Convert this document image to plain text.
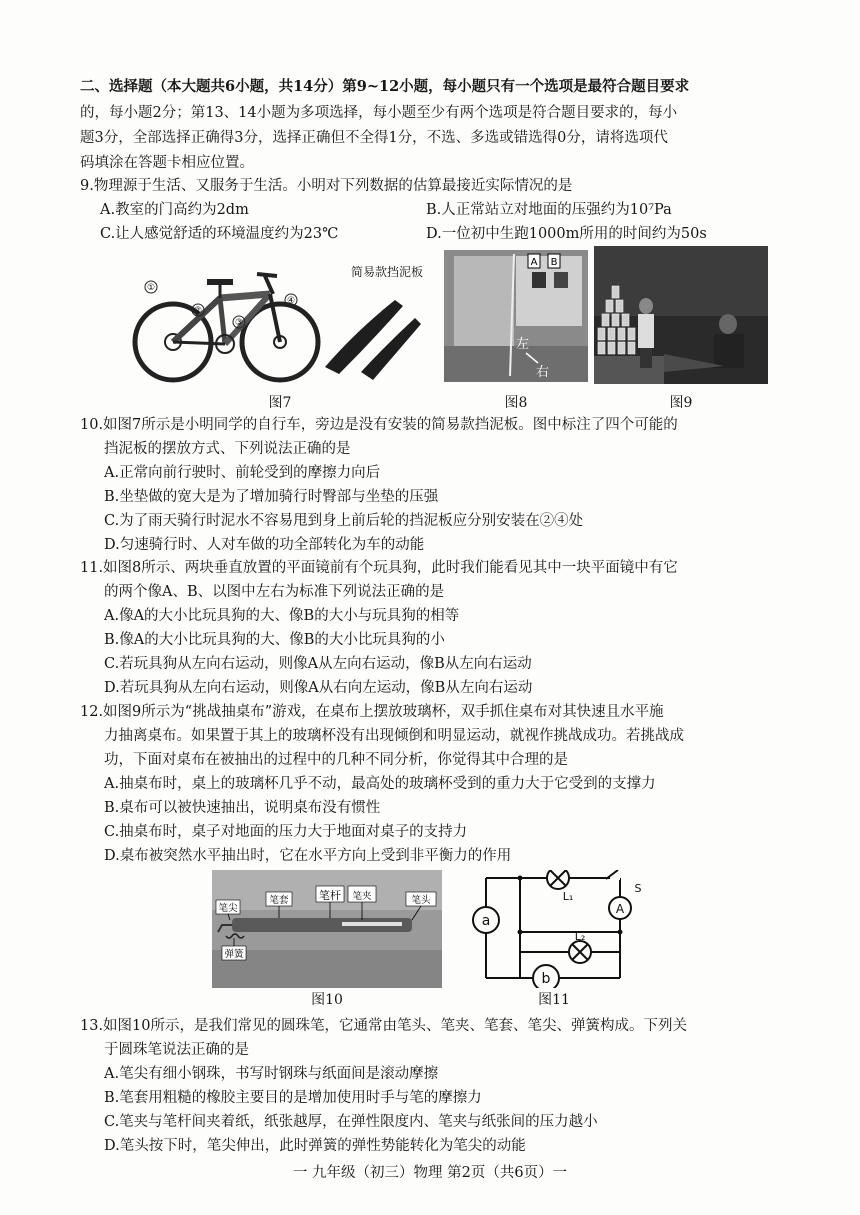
二、选择题（本大题共6小题，共14分）第9~12小题，每小题只有一个选项是最符合题目要求
的，每小题2分；第13、14小题为多项选择，每小题至少有两个选项是符合题目要求的，每小
题3分，全部选择正确得3分，选择正确但不全得1分，不选、多选或错选得0分，请将选项代
码填涂在答题卡相应位置。
9.物理源于生活、又服务于生活。小明对下列数据的估算最接近实际情况的是
A.教室的门高约为2dm	B.人正常站立对地面的压强约为10⁷Pa
C.让人感觉舒适的环境温度约为23℃	D.一位初中生跑1000m所用的时间约为50s
①
②
③
④
简易款挡泥板
图7
A B
左
右
图8	图9
10.如图7所示是小明同学的自行车，旁边是没有安装的简易款挡泥板。图中标注了四个可能的
挡泥板的摆放方式、下列说法正确的是
A.正常向前行驶时、前轮受到的摩擦力向后
B.坐垫做的宽大是为了增加骑行时臀部与坐垫的压强
C.为了雨天骑行时泥水不容易甩到身上前后轮的挡泥板应分别安装在②④处
D.匀速骑行时、人对车做的功全部转化为车的动能
11.如图8所示、两块垂直放置的平面镜前有个玩具狗，此时我们能看见其中一块平面镜中有它
的两个像A、B、以图中左右为标准下列说法正确的是
A.像A的大小比玩具狗的大、像B的大小与玩具狗的相等
B.像A的大小比玩具狗的大、像B的大小比玩具狗的小
C.若玩具狗从左向右运动，则像A从左向右运动，像B从左向右运动
D.若玩具狗从左向右运动，则像A从右向左运动，像B从左向右运动
12.如图9所示为“挑战抽桌布”游戏，在桌布上摆放玻璃杯，双手抓住桌布对其快速且水平施
力抽离桌布。如果置于其上的玻璃杯没有出现倾倒和明显运动，就视作挑战成功。若挑战成
功，下面对桌布在被抽出的过程中的几种不同分析，你觉得其中合理的是
A.抽桌布时，桌上的玻璃杯几乎不动，最高处的玻璃杯受到的重力大于它受到的支撑力
B.桌布可以被快速抽出，说明桌布没有惯性
C.抽桌布时，桌子对地面的压力大于地面对桌子的支持力
D.桌布被突然水平抽出时，它在水平方向上受到非平衡力的作用
笔尖
笔套	笔杆 笔夹	笔头
弹簧
图10
L₁
S
A
a
L₂
b
图11
13.如图10所示，是我们常见的圆珠笔，它通常由笔头、笔夹、笔套、笔尖、弹簧构成。下列关
于圆珠笔说法正确的是
A.笔尖有细小钢珠，书写时钢珠与纸面间是滚动摩擦
B.笔套用粗糙的橡胶主要目的是增加使用时手与笔的摩擦力
C.笔夹与笔杆间夹着纸，纸张越厚，在弹性限度内、笔夹与纸张间的压力越小
D.笔头按下时，笔尖伸出，此时弹簧的弹性势能转化为笔尖的动能
一 九年级（初三）物理 第2页（共6页）一
